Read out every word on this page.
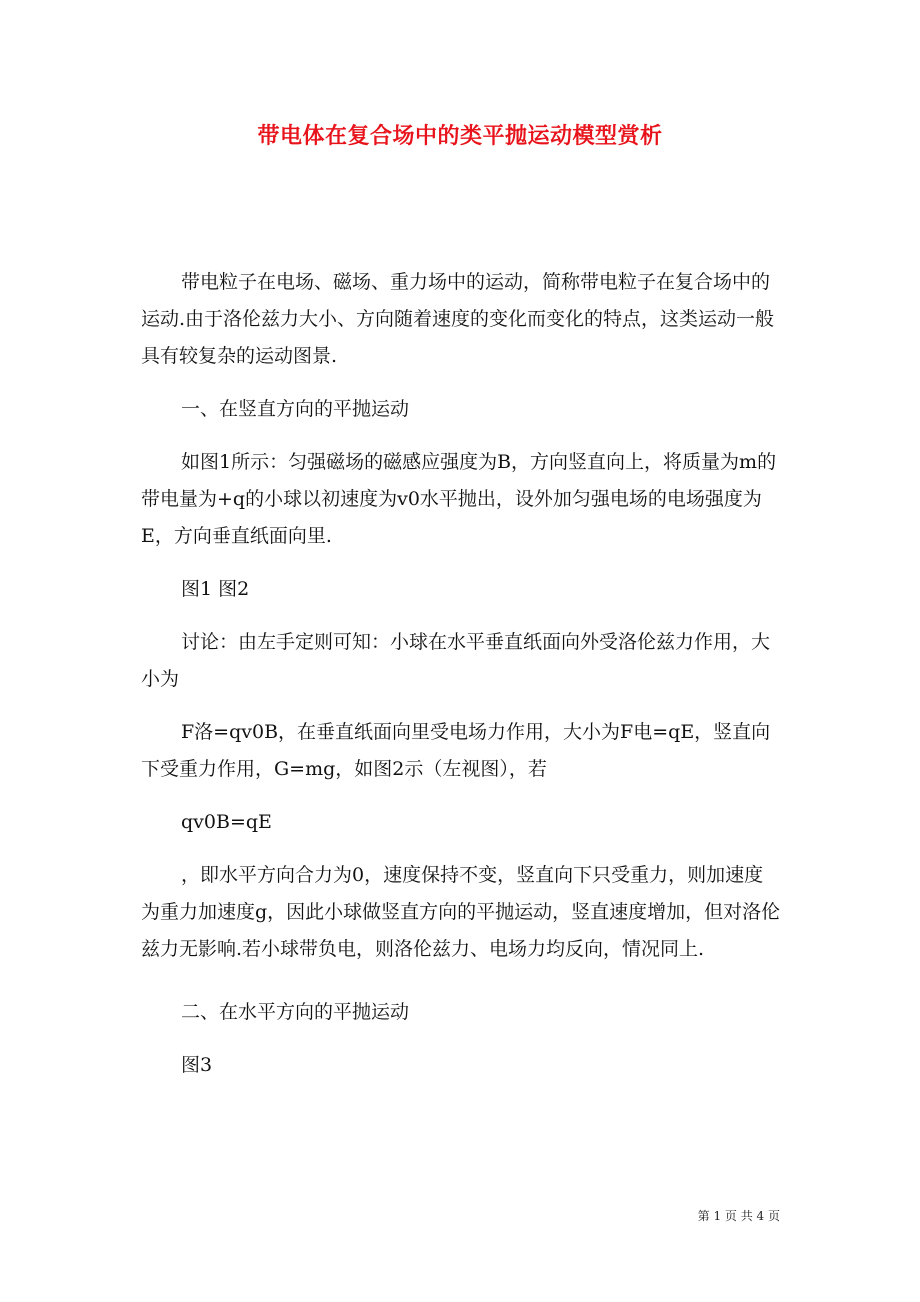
带电体在复合场中的类平抛运动模型赏析

带电粒子在电场、磁场、重力场中的运动，简称带电粒子在复合场中的运动.由于洛伦兹力大小、方向随着速度的变化而变化的特点，这类运动一般具有较复杂的运动图景.

一、在竖直方向的平抛运动

如图1所示：匀强磁场的磁感应强度为B，方向竖直向上，将质量为m的带电量为+q的小球以初速度为v0水平抛出，设外加匀强电场的电场强度为E，方向垂直纸面向里.

图1 图2

讨论：由左手定则可知：小球在水平垂直纸面向外受洛伦兹力作用，大小为

F洛=qv0B，在垂直纸面向里受电场力作用，大小为F电=qE，竖直向下受重力作用，G=mg，如图2示（左视图），若

qv0B=qE

，即水平方向合力为0，速度保持不变，竖直向下只受重力，则加速度为重力加速度g，因此小球做竖直方向的平抛运动，竖直速度增加，但对洛伦兹力无影响.若小球带负电，则洛伦兹力、电场力均反向，情况同上.

二、在水平方向的平抛运动

图3

第 1 页 共 4 页
